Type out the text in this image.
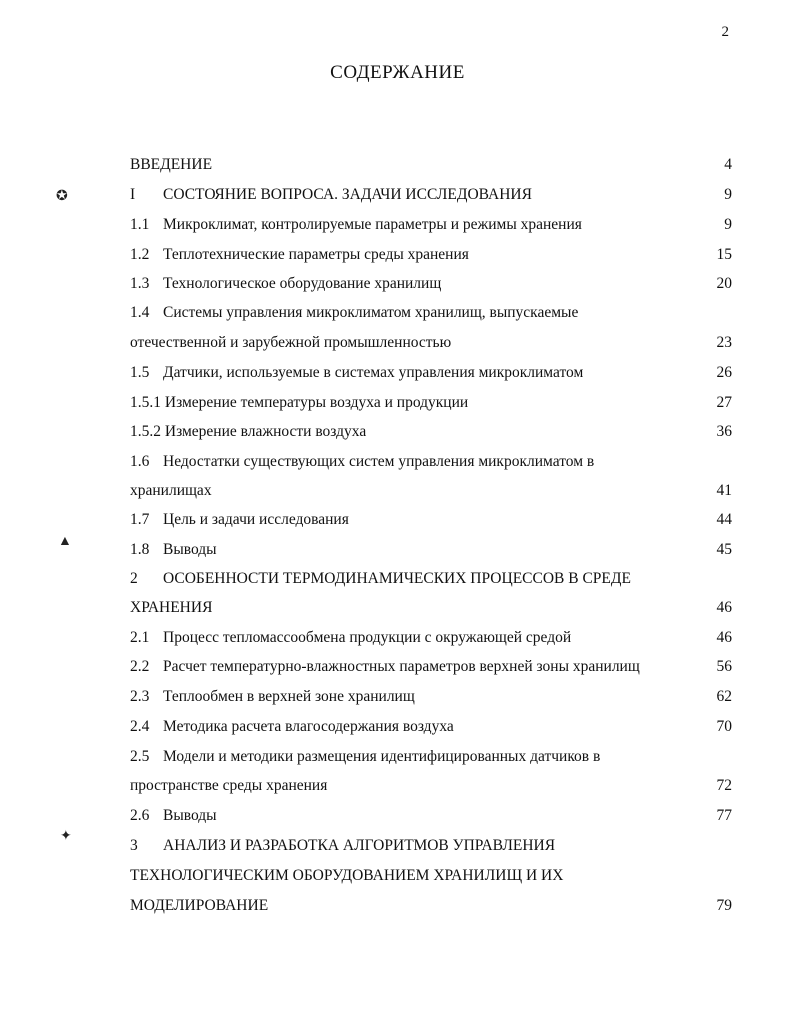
2
СОДЕРЖАНИЕ
✪
▲
✦
ВВЕДЕНИЕ	4
I СОСТОЯНИЕ ВОПРОСА. ЗАДАЧИ ИССЛЕДОВАНИЯ	9
1.1 Микроклимат, контролируемые параметры и режимы хранения	9
1.2 Теплотехнические параметры среды хранения	15
1.3 Технологическое оборудование хранилищ	20
1.4 Системы управления микроклиматом хранилищ, выпускаемые
отечественной и зарубежной промышленностью	23
1.5 Датчики, используемые в системах управления микроклиматом	26
1.5.1 Измерение температуры воздуха и продукции	27
1.5.2 Измерение влажности воздуха	36
1.6 Недостатки существующих систем управления микроклиматом в
хранилищах	41
1.7 Цель и задачи исследования	44
1.8 Выводы	45
2 ОСОБЕННОСТИ ТЕРМОДИНАМИЧЕСКИХ ПРОЦЕССОВ В СРЕДЕ
ХРАНЕНИЯ	46
2.1 Процесс тепломассообмена продукции с окружающей средой	46
2.2 Расчет температурно-влажностных параметров верхней зоны хранилищ	56
2.3 Теплообмен в верхней зоне хранилищ	62
2.4 Методика расчета влагосодержания воздуха	70
2.5 Модели и методики размещения идентифицированных датчиков в
пространстве среды хранения	72
2.6 Выводы	77
3 АНАЛИЗ И РАЗРАБОТКА АЛГОРИТМОВ УПРАВЛЕНИЯ
ТЕХНОЛОГИЧЕСКИМ ОБОРУДОВАНИЕМ ХРАНИЛИЩ И ИХ
МОДЕЛИРОВАНИЕ	79
